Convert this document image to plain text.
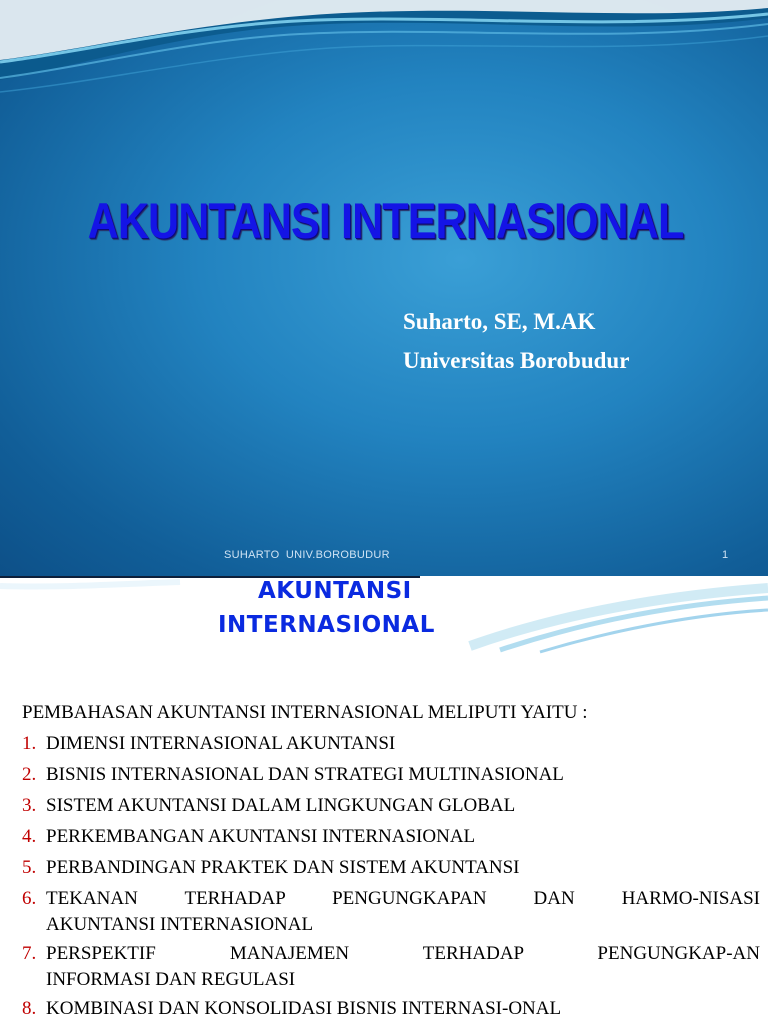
AKUNTANSI INTERNASIONAL
Suharto, SE, M.AK
Universitas Borobudur
SUHARTO UNIV.BOROBUDUR	1
AKUNTANSI
INTERNASIONAL

PEMBAHASAN AKUNTANSI INTERNASIONAL MELIPUTI YAITU :

1. DIMENSI INTERNASIONAL AKUNTANSI
2. BISNIS INTERNASIONAL DAN STRATEGI MULTINASIONAL
3. SISTEM AKUNTANSI DALAM LINGKUNGAN GLOBAL
4. PERKEMBANGAN AKUNTANSI INTERNASIONAL
5. PERBANDINGAN PRAKTEK DAN SISTEM AKUNTANSI
6. TEKANAN TERHADAP PENGUNGKAPAN DAN HARMO-NISASI
AKUNTANSI INTERNASIONAL
7. PERSPEKTIF MANAJEMEN TERHADAP PENGUNGKAP-AN
INFORMASI DAN REGULASI
8. KOMBINASI DAN KONSOLIDASI BISNIS INTERNASI-ONAL
